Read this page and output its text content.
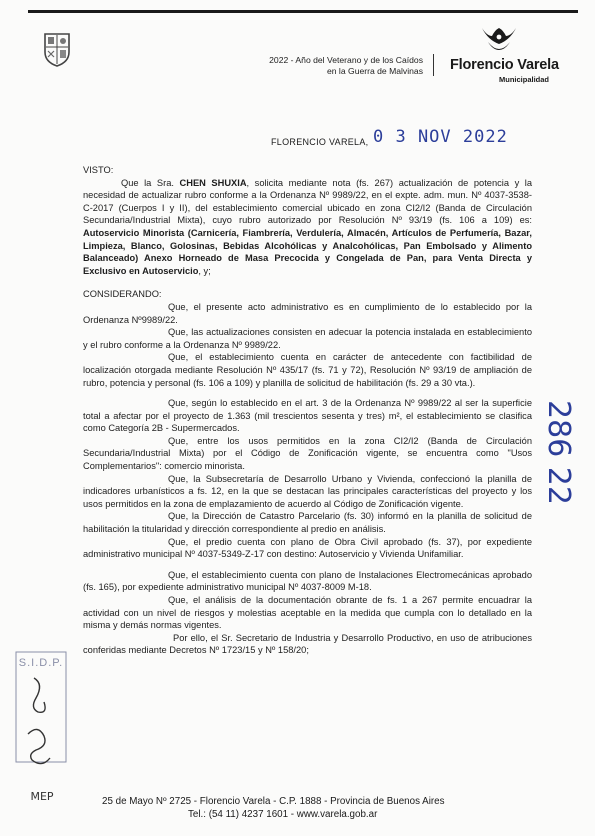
2022 - Año del Veterano y de los Caídos
en la Guerra de Malvinas Florencio Varela
Municipalidad
FLORENCIO VARELA, 0 3 NOV 2022

VISTO:

Que la Sra. CHEN SHUXIA, solicita mediante nota (fs. 267) actualización de potencia y la necesidad de actualizar rubro conforme a la Ordenanza Nº 9989/22, en el expte. adm. mun. Nº 4037-3538-C-2017 (Cuerpos I y II), del establecimiento comercial ubicado en zona CI2/I2 (Banda de Circulación Secundaria/Industrial Mixta), cuyo rubro autorizado por Resolución Nº 93/19 (fs. 106 a 109) es: Autoservicio Minorista (Carnicería, Fiambrería, Verdulería, Almacén, Artículos de Perfumería, Bazar, Limpieza, Blanco, Golosinas, Bebidas Alcohólicas y Analcohólicas, Pan Embolsado y Alimento Balanceado) Anexo Horneado de Masa Precocida y Congelada de Pan, para Venta Directa y Exclusivo en Autoservicio, y;

CONSIDERANDO:

Que, el presente acto administrativo es en cumplimiento de lo establecido por la Ordenanza Nº9989/22.

Que, las actualizaciones consisten en adecuar la potencia instalada en establecimiento y el rubro conforme a la Ordenanza Nº 9989/22.

Que, el establecimiento cuenta en carácter de antecedente con factibilidad de localización otorgada mediante Resolución Nº 435/17 (fs. 71 y 72), Resolución Nº 93/19 de ampliación de rubro, potencia y personal (fs. 106 a 109) y planilla de solicitud de habilitación (fs. 29 a 30 vta.).

Que, según lo establecido en el art. 3 de la Ordenanza Nº 9989/22 al ser la superficie total a afectar por el proyecto de 1.363 (mil trescientos sesenta y tres) m², el establecimiento se clasifica como Categoría 2B - Supermercados.

Que, entre los usos permitidos en la zona CI2/I2 (Banda de Circulación Secundaria/Industrial Mixta) por el Código de Zonificación vigente, se encuentra como "Usos Complementarios": comercio minorista.

Que, la Subsecretaría de Desarrollo Urbano y Vivienda, confeccionó la planilla de indicadores urbanísticos a fs. 12, en la que se destacan las principales características del proyecto y los usos permitidos en la zona de emplazamiento de acuerdo al Código de Zonificación vigente.

Que, la Dirección de Catastro Parcelario (fs. 30) informó en la planilla de solicitud de habilitación la titularidad y dirección correspondiente al predio en análisis.

Que, el predio cuenta con plano de Obra Civil aprobado (fs. 37), por expediente administrativo municipal Nº 4037-5349-Z-17 con destino: Autoservicio y Vivienda Unifamiliar.

Que, el establecimiento cuenta con plano de Instalaciones Electromecánicas aprobado (fs. 165), por expediente administrativo municipal Nº 4037-8009 M-18.

Que, el análisis de la documentación obrante de fs. 1 a 267 permite encuadrar la actividad con un nivel de riesgos y molestias aceptable en la medida que cumpla con lo detallado en la misma y demás normas vigentes.

Por ello, el Sr. Secretario de Industria y Desarrollo Productivo, en uso de atribuciones conferidas mediante Decretos Nº 1723/15 y Nº 158/20;

286 22
S.I.D.P.
MEP	25 de Mayo Nº 2725 - Florencio Varela - C.P. 1888 - Provincia de Buenos Aires
Tel.: (54 11) 4237 1601 - www.varela.gob.ar
